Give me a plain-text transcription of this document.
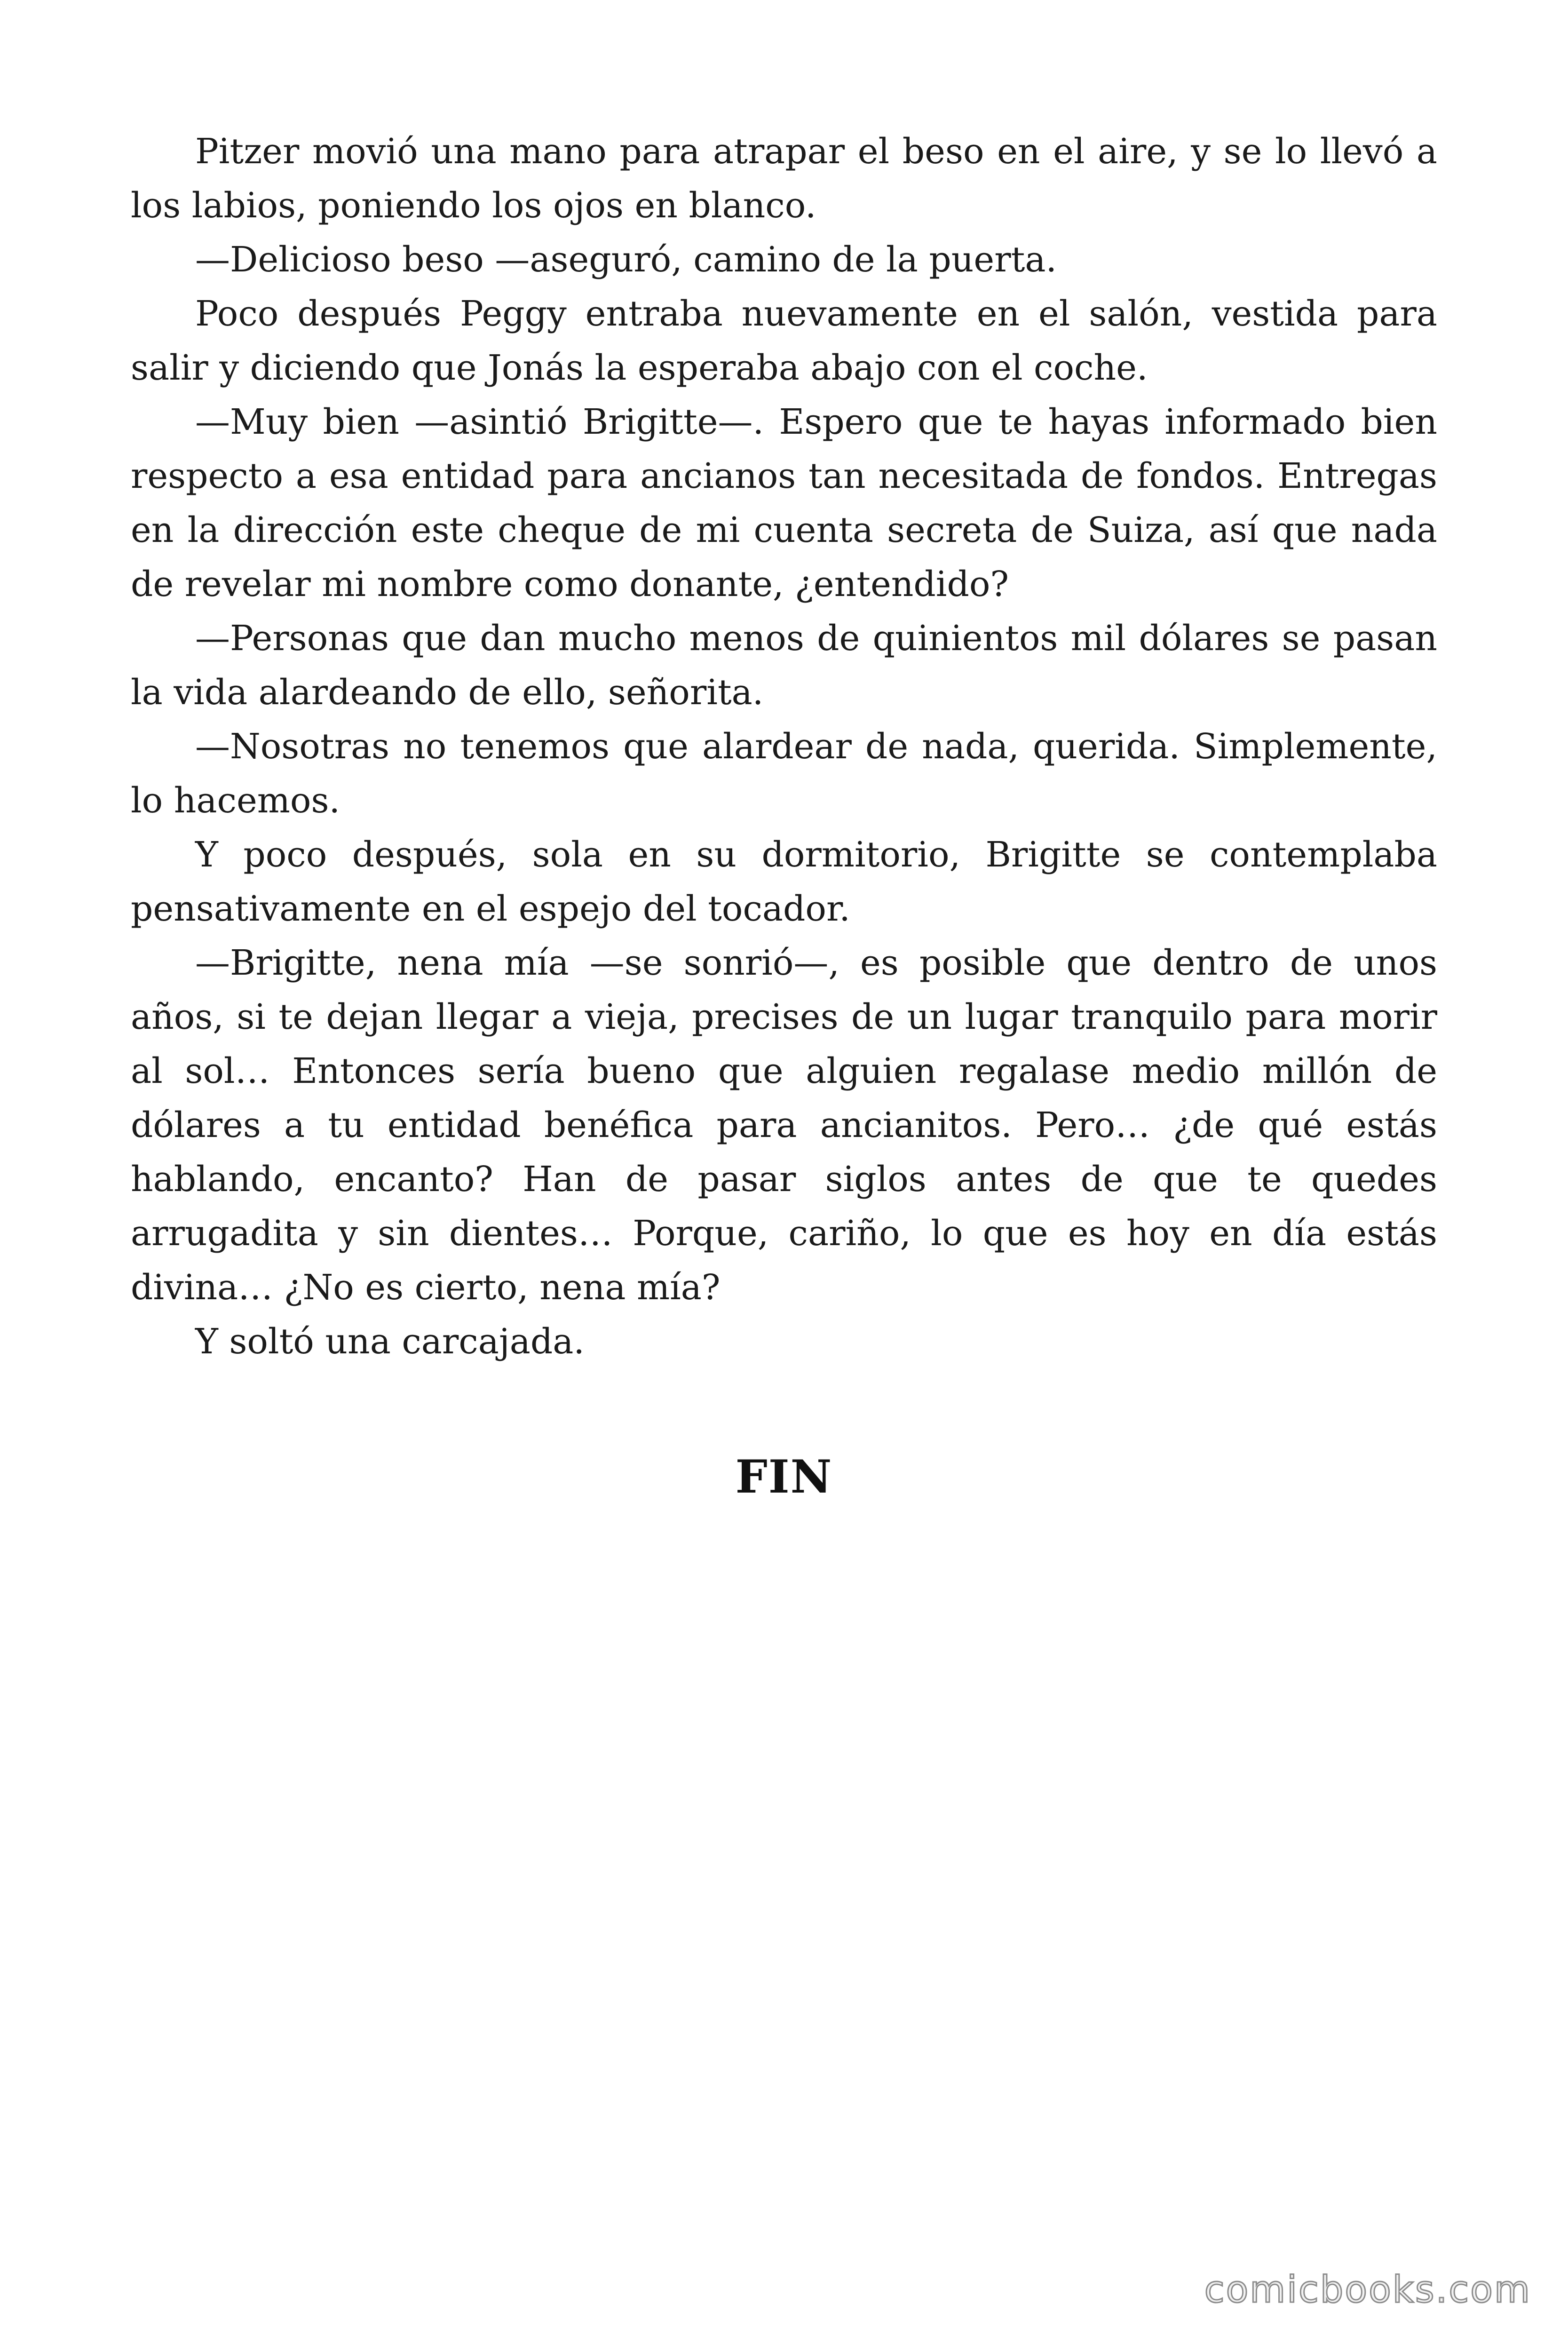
Pitzer movió una mano para atrapar el beso en el aire, y se lo llevó a los labios, poniendo los ojos en blanco.

—Delicioso beso —aseguró, camino de la puerta.

Poco después Peggy entraba nuevamente en el salón, vestida para salir y diciendo que Jonás la esperaba abajo con el coche.

—Muy bien —asintió Brigitte—. Espero que te hayas informado bien respecto a esa entidad para ancianos tan necesitada de fondos. Entregas en la dirección este cheque de mi cuenta secreta de Suiza, así que nada de revelar mi nombre como donante, ¿entendido?

—Personas que dan mucho menos de quinientos mil dólares se pasan la vida alardeando de ello, señorita.

—Nosotras no tenemos que alardear de nada, querida. Simplemente, lo hacemos.

Y poco después, sola en su dormitorio, Brigitte se contemplaba pensativamente en el espejo del tocador.

—Brigitte, nena mía —se sonrió—, es posible que dentro de unos años, si te dejan llegar a vieja, precises de un lugar tranquilo para morir al sol… Entonces sería bueno que alguien regalase medio millón de dólares a tu entidad benéfica para ancianitos. Pero… ¿de qué estás hablando, encanto? Han de pasar siglos antes de que te quedes arrugadita y sin dientes… Porque, cariño, lo que es hoy en día estás divina… ¿No es cierto, nena mía?

Y soltó una carcajada.

FIN
comicbooks.com
